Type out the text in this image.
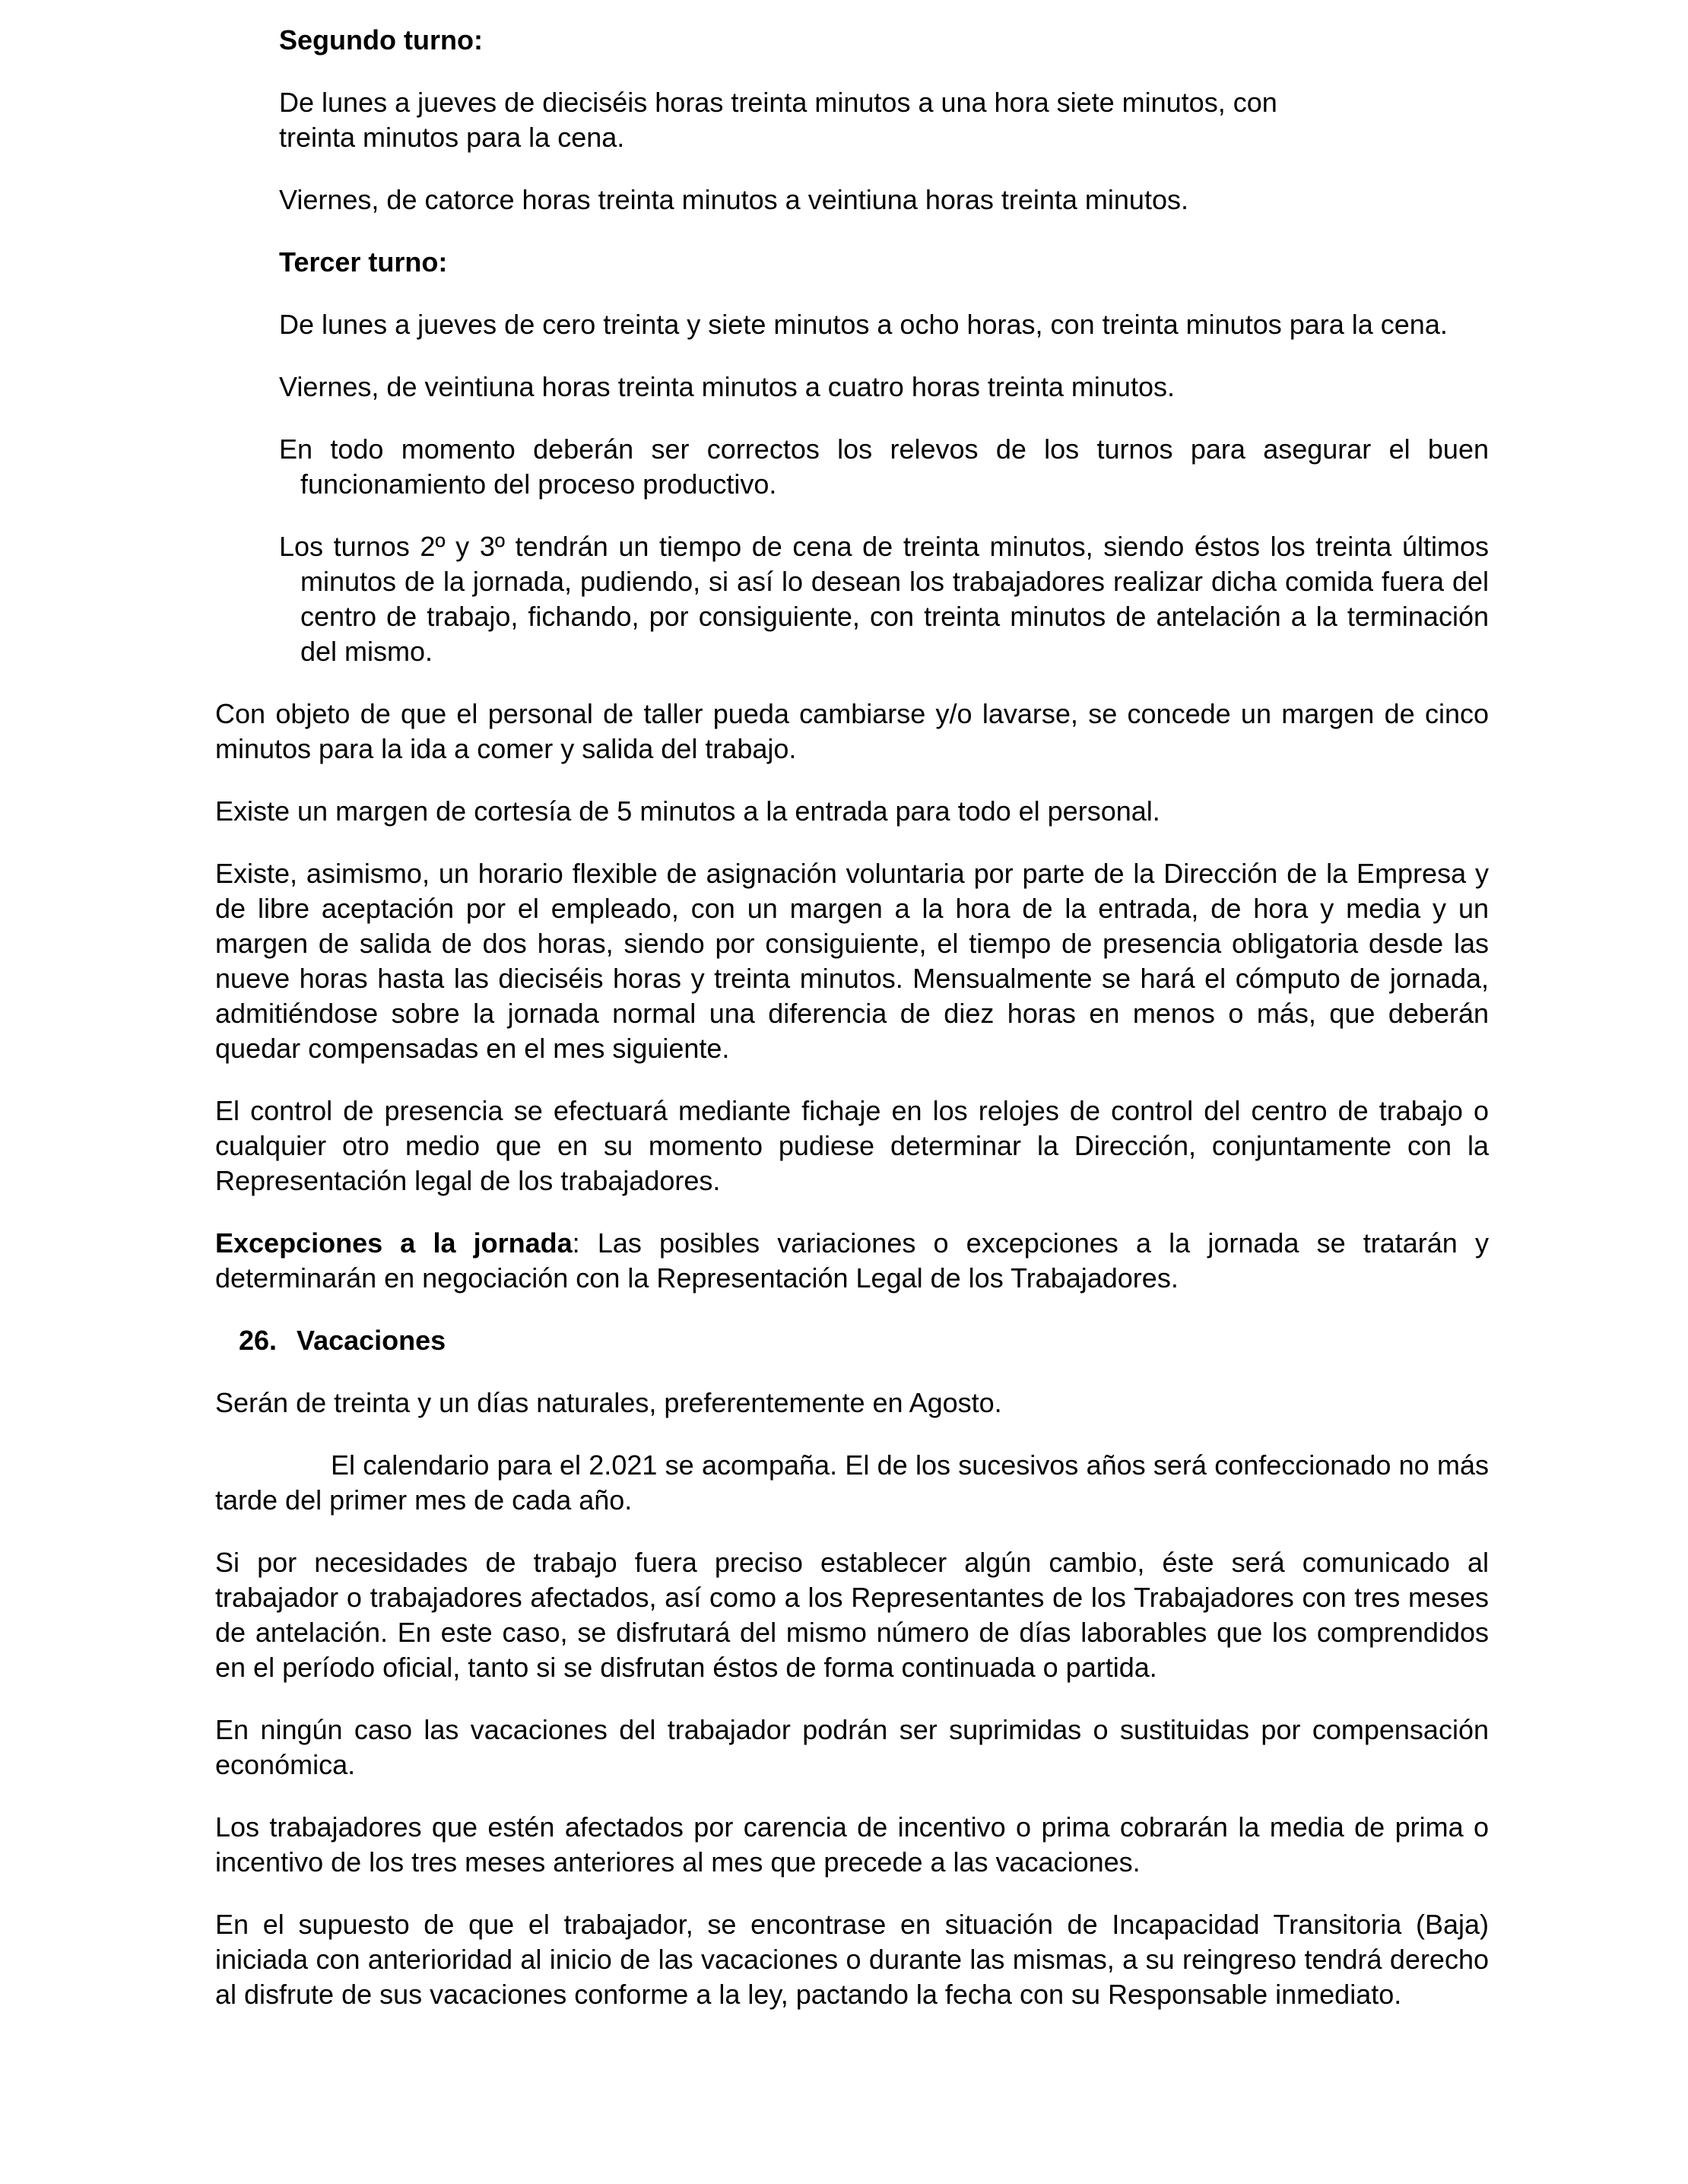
Segundo turno:

De lunes a jueves de dieciséis horas treinta minutos a una hora siete minutos, con
treinta minutos para la cena.

Viernes, de catorce horas treinta minutos a veintiuna horas treinta minutos.

Tercer turno:

De lunes a jueves de cero treinta y siete minutos a ocho horas, con treinta minutos para la cena.

Viernes, de veintiuna horas treinta minutos a cuatro horas treinta minutos.

En todo momento deberán ser correctos los relevos de los turnos para asegurar el buen funcionamiento del proceso productivo.

Los turnos 2º y 3º tendrán un tiempo de cena de treinta minutos, siendo éstos los treinta últimos minutos de la jornada, pudiendo, si así lo desean los trabajadores realizar dicha comida fuera del centro de trabajo, fichando, por consiguiente, con treinta minutos de antelación a la terminación del mismo.

Con objeto de que el personal de taller pueda cambiarse y/o lavarse, se concede un margen de cinco minutos para la ida a comer y salida del trabajo.

Existe un margen de cortesía de 5 minutos a la entrada para todo el personal.

Existe, asimismo, un horario flexible de asignación voluntaria por parte de la Dirección de la Empresa y de libre aceptación por el empleado, con un margen a la hora de la entrada, de hora y media y un margen de salida de dos horas, siendo por consiguiente, el tiempo de presencia obligatoria desde las nueve horas hasta las dieciséis horas y treinta minutos. Mensualmente se hará el cómputo de jornada, admitiéndose sobre la jornada normal una diferencia de diez horas en menos o más, que deberán quedar compensadas en el mes siguiente.

El control de presencia se efectuará mediante fichaje en los relojes de control del centro de trabajo o cualquier otro medio que en su momento pudiese determinar la Dirección, conjuntamente con la Representación legal de los trabajadores.

Excepciones a la jornada: Las posibles variaciones o excepciones a la jornada se tratarán y determinarán en negociación con la Representación Legal de los Trabajadores.

26. Vacaciones

Serán de treinta y un días naturales, preferentemente en Agosto.

El calendario para el 2.021 se acompaña. El de los sucesivos años será confeccionado no más tarde del primer mes de cada año.

Si por necesidades de trabajo fuera preciso establecer algún cambio, éste será comunicado al trabajador o trabajadores afectados, así como a los Representantes de los Trabajadores con tres meses de antelación. En este caso, se disfrutará del mismo número de días laborables que los comprendidos en el período oficial, tanto si se disfrutan éstos de forma continuada o partida.

En ningún caso las vacaciones del trabajador podrán ser suprimidas o sustituidas por compensación económica.

Los trabajadores que estén afectados por carencia de incentivo o prima cobrarán la media de prima o incentivo de los tres meses anteriores al mes que precede a las vacaciones.

En el supuesto de que el trabajador, se encontrase en situación de Incapacidad Transitoria (Baja) iniciada con anterioridad al inicio de las vacaciones o durante las mismas, a su reingreso tendrá derecho al disfrute de sus vacaciones conforme a la ley, pactando la fecha con su Responsable inmediato.
